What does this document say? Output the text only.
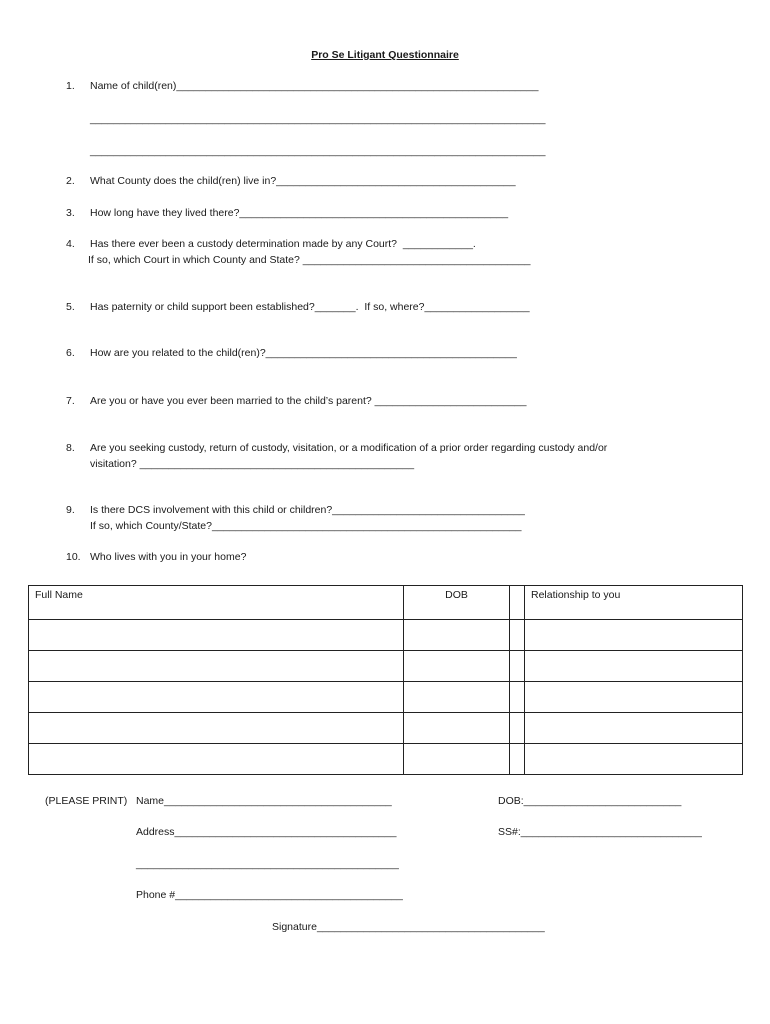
Pro Se Litigant Questionnaire
1. Name of child(ren)______________________________________________________________
______________________________________________________________________________
______________________________________________________________________________
2. What County does the child(ren) live in?_________________________________________
3. How long have they lived there?______________________________________________
4. Has there ever been a custody determination made by any Court?  ____________.
If so, which Court in which County and State? _______________________________________
5. Has paternity or child support been established?_______.  If so, where?__________________
6. How are you related to the child(ren)?___________________________________________
7. Are you or have you ever been married to the child’s parent? __________________________
8. Are you seeking custody, return of custody, visitation, or a modification of a prior order regarding custody and/or
visitation? _______________________________________________
9. Is there DCS involvement with this child or children?_________________________________
If so, which County/State?_____________________________________________________
10. Who lives with you in your home?
Full Name	DOB		Relationship to you

(PLEASE PRINT) Name_______________________________________	DOB:___________________________
Address______________________________________	SS#:_______________________________
_____________________________________________
Phone #_______________________________________
Signature_______________________________________
